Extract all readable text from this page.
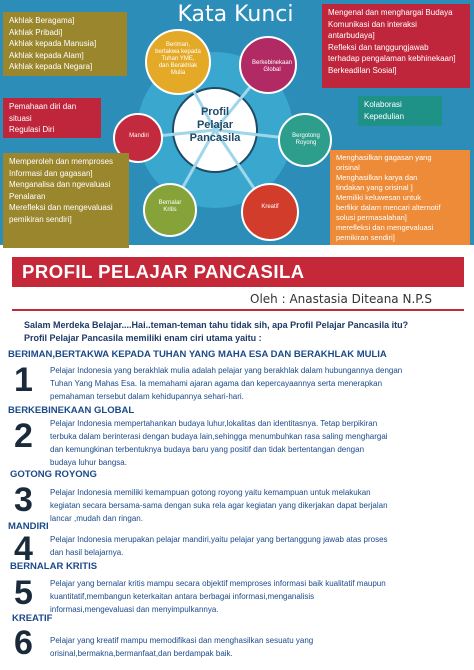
Kata Kunci
Profil
Pelajar
Pancasila
Beriman,
bertakwa kepada
Tuhan YME,
dan Berakhlak
Mulia
Berkebinekaan
Global
Bergotong
Royong
Kreatif
Bernalar
Kritis
Mandiri
Akhlak Beragama]
Akhlak Pribadi]
Akhlak kepada Manusia]
Akhlak kepada Alam]
Akhlak kepada Negara]
Mengenal dan menghargai Budaya
Komunikasi dan interaksi
antarbudaya]
Refleksi dan tanggungjawab
terhadap pengalaman kebhinekaan]
Berkeadilan Sosial]
Pemahaan diri dan
situasi
Regulasi Diri
Kolaborasi
Kepedulian
Memperoleh dan memproses
Informasi dan gagasan]
Menganalisa dan ngevaluasi
Penalaran
Merefleksi dan mengevaluasi
pemikiran sendiri]
Menghasilkan gagasan yang
orisinal
Menghasilkan karya dan
tindakan yang orisinal ]
Memiliki keluwesan untuk
berfikir dalam mencari alternotif
solusi permasalahan]
merefleksi dan mengevaluasi
pemikiran sendiri]
PROFIL PELAJAR PANCASILA
Oleh : Anastasia Diteana N.P.S
Salam Merdeka Belajar....Hai..teman-teman tahu tidak sih, apa Profil Pelajar Pancasila itu?
Profil Pelajar Pancasila memiliki enam ciri utama yaitu :
BERIMAN,BERTAKWA KEPADA TUHAN YANG MAHA ESA DAN BERAKHLAK MULIA
1 Pelajar Indonesia yang berakhlak mulia adalah pelajar yang berakhlak dalam hubungannya dengan
Tuhan Yang Mahas Esa. Ia memahami ajaran agama dan kepercayaannya serta menerapkan
pemahaman tersebut dalam kehidupannya sehari-hari.
BERKEBINEKAAN GLOBAL
2 Pelajar Indonesia mempertahankan budaya luhur,lokalitas dan identitasnya. Tetap berpikiran
terbuka dalam berinterasi dengan budaya lain,sehingga menumbuhkan rasa saling menghargai
dan kemungkinan terbentuknya budaya baru yang positif dan tidak bertentangan dengan
budaya luhur bangsa.
GOTONG ROYONG
3 Pelajar Indonesia memiliki kemampuan gotong royong yaitu kemampuan untuk melakukan
kegiatan secara bersama-sama dengan suka rela agar kegiatan yang dikerjakan dapat berjalan
lancar ,mudah dan ringan.
MANDIRI
4 Pelajar Indonesia merupakan pelajar mandiri,yaitu pelajar yang bertanggung jawab atas proses
dan hasil belajarnya.
BERNALAR KRITIS
5 Pelajar yang bernalar kritis mampu secara objektif memproses informasi baik kualitatif maupun
kuantitatif,membangun keterkaitan antara berbagai informasi,menganalisis
informasi,mengevaluasi dan menyimpulkannya.
KREATIF
6 Pelajar yang kreatif mampu memodifikasi dan menghasilkan sesuatu yang
orisinal,bermakna,bermanfaat,dan berdampak baik.
